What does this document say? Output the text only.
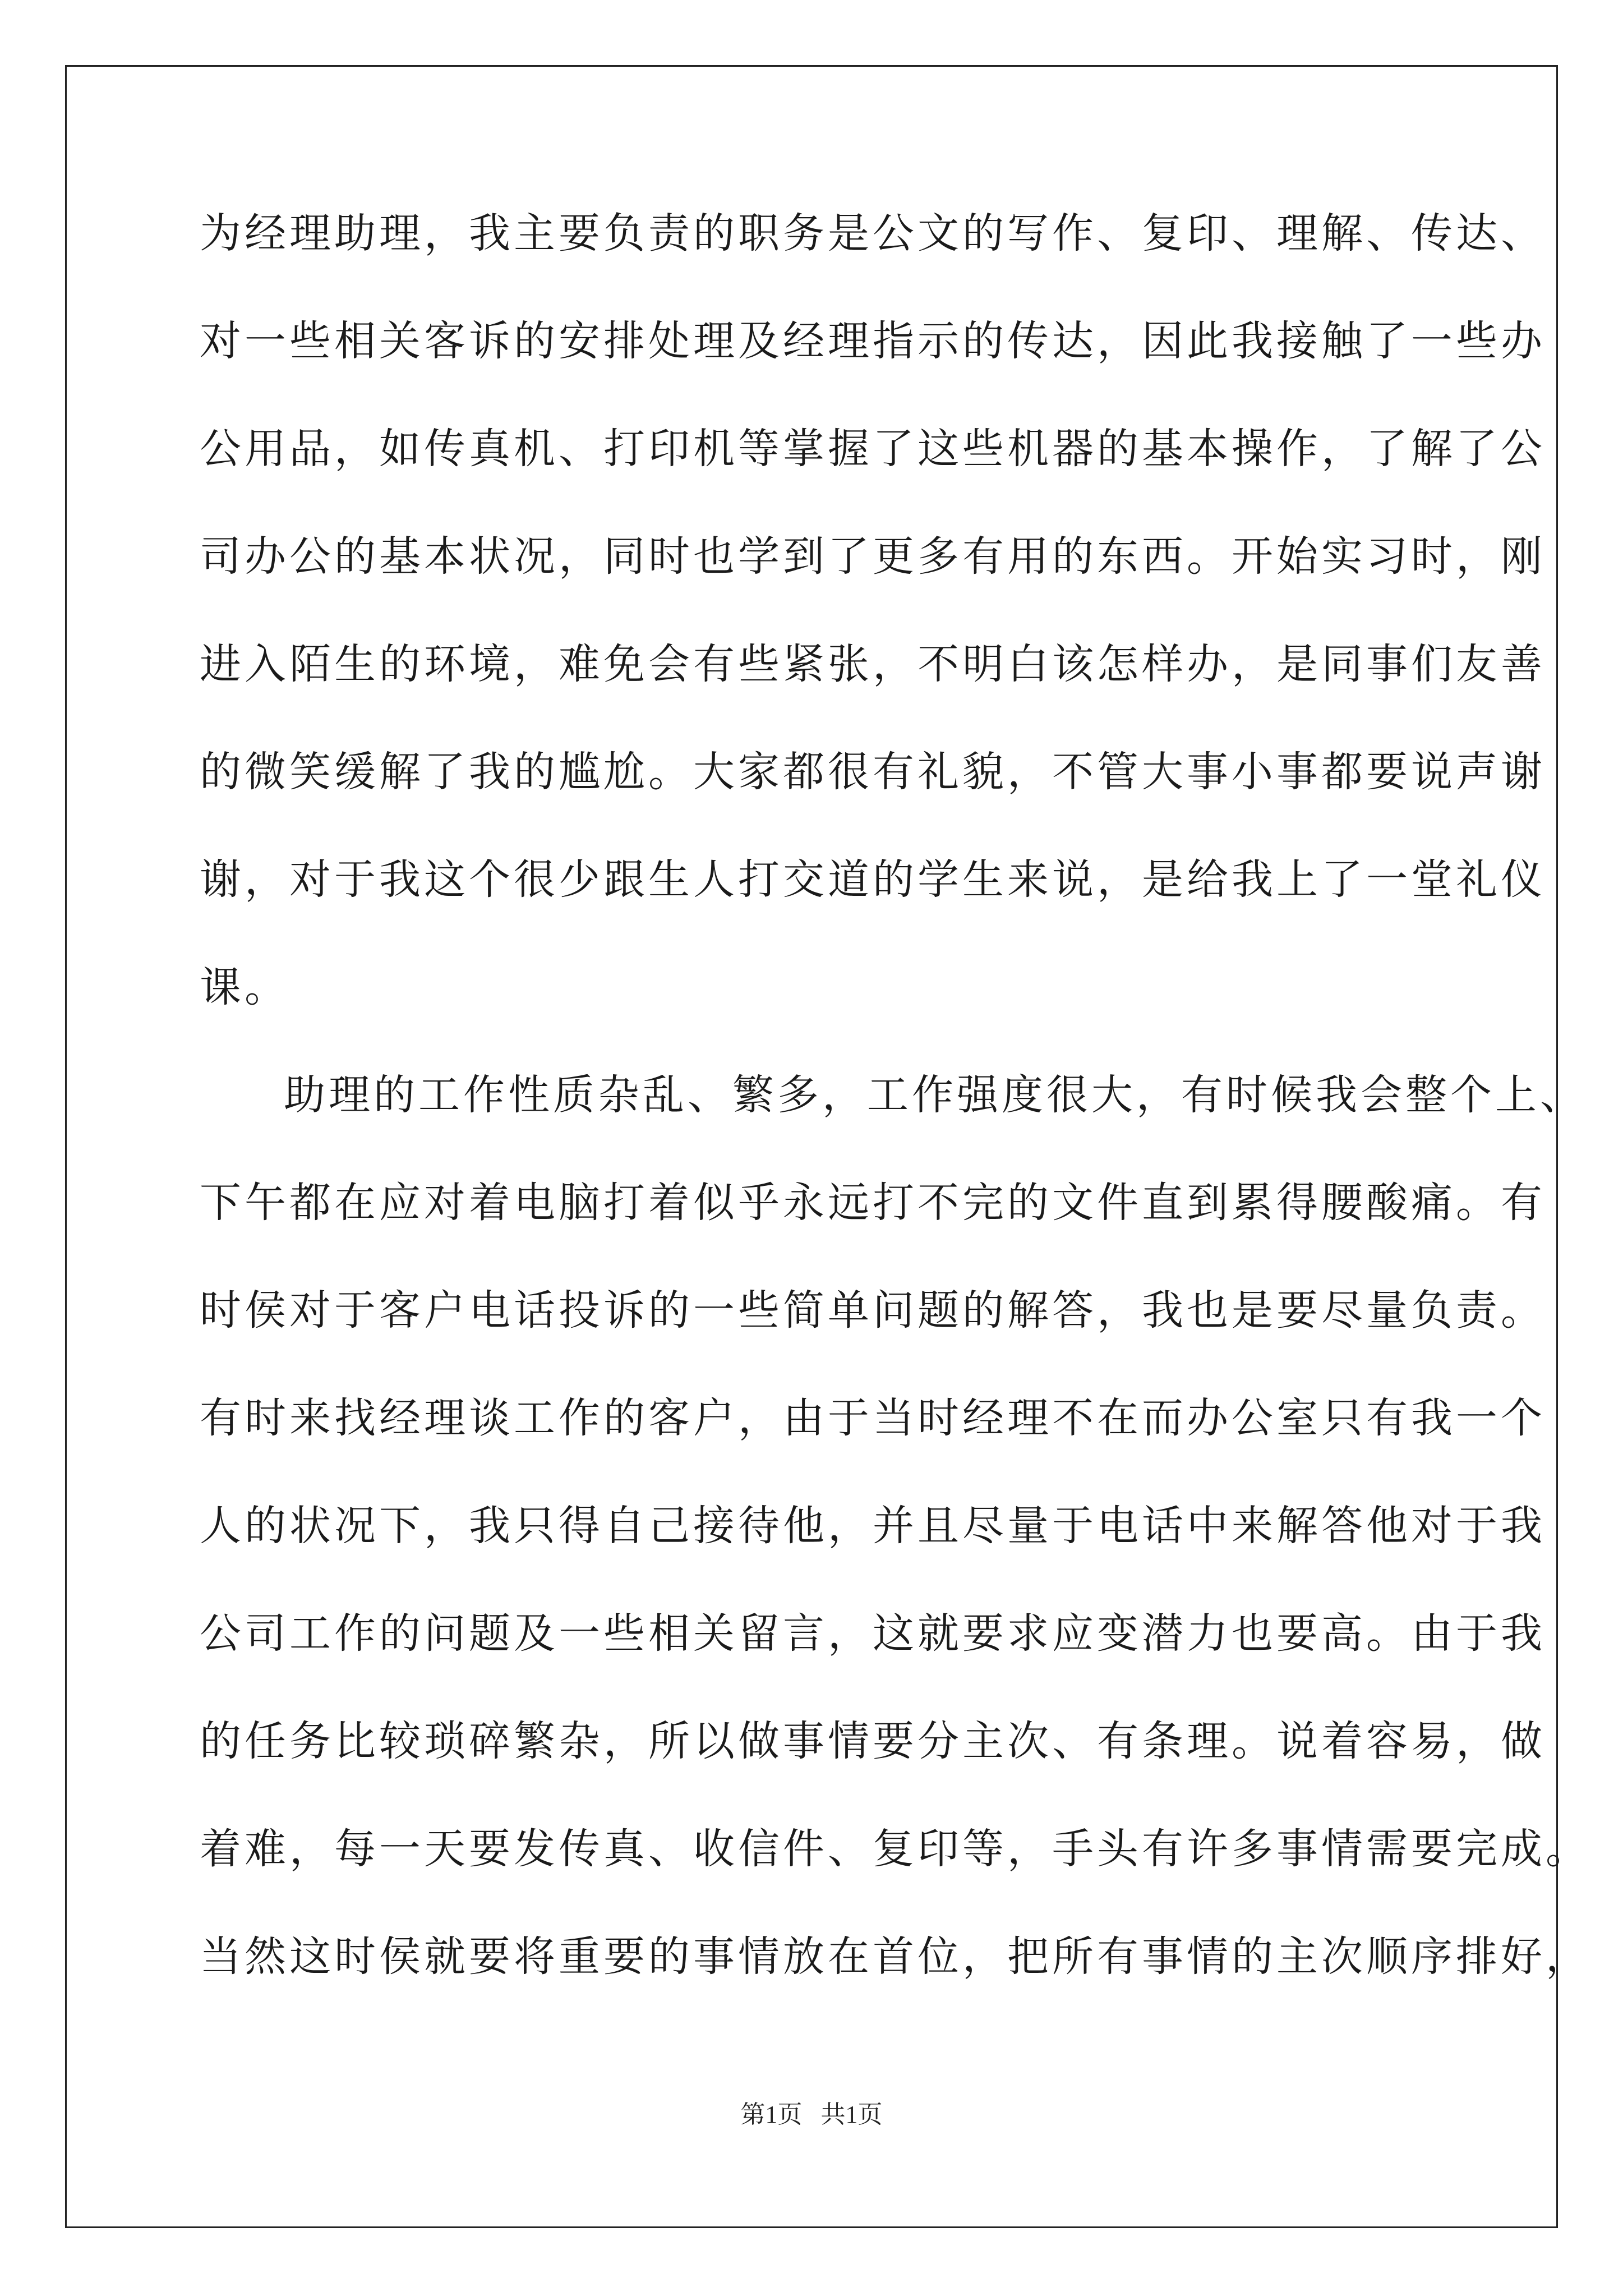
为经理助理，我主要负责的职务是公文的写作、复印、理解、传达、
对一些相关客诉的安排处理及经理指示的传达，因此我接触了一些办
公用品，如传真机、打印机等掌握了这些机器的基本操作，了解了公
司办公的基本状况，同时也学到了更多有用的东西。开始实习时，刚
进入陌生的环境，难免会有些紧张，不明白该怎样办，是同事们友善
的微笑缓解了我的尴尬。大家都很有礼貌，不管大事小事都要说声谢
谢，对于我这个很少跟生人打交道的学生来说，是给我上了一堂礼仪
课。
助理的工作性质杂乱、繁多，工作强度很大，有时候我会整个上、
下午都在应对着电脑打着似乎永远打不完的文件直到累得腰酸痛。有
时侯对于客户电话投诉的一些简单问题的解答，我也是要尽量负责。
有时来找经理谈工作的客户，由于当时经理不在而办公室只有我一个
人的状况下，我只得自己接待他，并且尽量于电话中来解答他对于我
公司工作的问题及一些相关留言，这就要求应变潜力也要高。由于我
的任务比较琐碎繁杂，所以做事情要分主次、有条理。说着容易，做
着难，每一天要发传真、收信件、复印等，手头有许多事情需要完成。
当然这时侯就要将重要的事情放在首位，把所有事情的主次顺序排好，
第1页   共1页
